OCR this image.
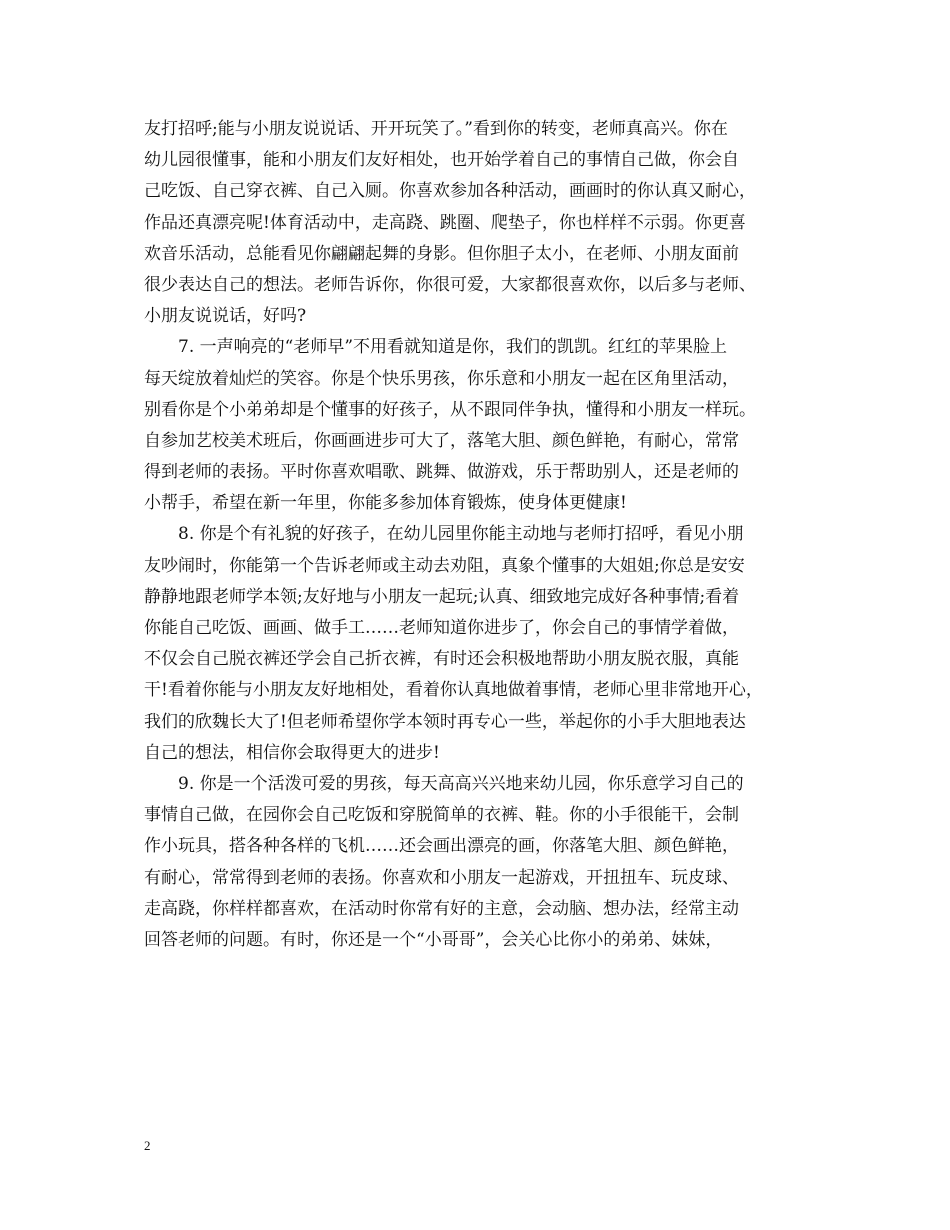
友打招呼;能与小朋友说说话、开开玩笑了。”看到你的转变，老师真高兴。你在
幼儿园很懂事，能和小朋友们友好相处，也开始学着自己的事情自己做，你会自
己吃饭、自己穿衣裤、自己入厕。你喜欢参加各种活动，画画时的你认真又耐心，
作品还真漂亮呢!体育活动中，走高跷、跳圈、爬垫子，你也样样不示弱。你更喜
欢音乐活动，总能看见你翩翩起舞的身影。但你胆子太小，在老师、小朋友面前
很少表达自己的想法。老师告诉你，你很可爱，大家都很喜欢你，以后多与老师、
小朋友说说话，好吗?
7. 一声响亮的“老师早”不用看就知道是你，我们的凯凯。红红的苹果脸上
每天绽放着灿烂的笑容。你是个快乐男孩，你乐意和小朋友一起在区角里活动，
别看你是个小弟弟却是个懂事的好孩子，从不跟同伴争执，懂得和小朋友一样玩。
自参加艺校美术班后，你画画进步可大了，落笔大胆、颜色鲜艳，有耐心，常常
得到老师的表扬。平时你喜欢唱歌、跳舞、做游戏，乐于帮助别人，还是老师的
小帮手，希望在新一年里，你能多参加体育锻炼，使身体更健康!
8. 你是个有礼貌的好孩子，在幼儿园里你能主动地与老师打招呼，看见小朋
友吵闹时，你能第一个告诉老师或主动去劝阻，真象个懂事的大姐姐;你总是安安
静静地跟老师学本领;友好地与小朋友一起玩;认真、细致地完成好各种事情;看着
你能自己吃饭、画画、做手工……老师知道你进步了，你会自己的事情学着做，
不仅会自己脱衣裤还学会自己折衣裤，有时还会积极地帮助小朋友脱衣服，真能
干!看着你能与小朋友友好地相处，看着你认真地做着事情，老师心里非常地开心，
我们的欣魏长大了!但老师希望你学本领时再专心一些，举起你的小手大胆地表达
自己的想法，相信你会取得更大的进步!
9. 你是一个活泼可爱的男孩，每天高高兴兴地来幼儿园，你乐意学习自己的
事情自己做，在园你会自己吃饭和穿脱简单的衣裤、鞋。你的小手很能干，会制
作小玩具，搭各种各样的飞机……还会画出漂亮的画，你落笔大胆、颜色鲜艳，
有耐心，常常得到老师的表扬。你喜欢和小朋友一起游戏，开扭扭车、玩皮球、
走高跷，你样样都喜欢，在活动时你常有好的主意，会动脑、想办法，经常主动
回答老师的问题。有时，你还是一个“小哥哥”，会关心比你小的弟弟、妹妹，
2
